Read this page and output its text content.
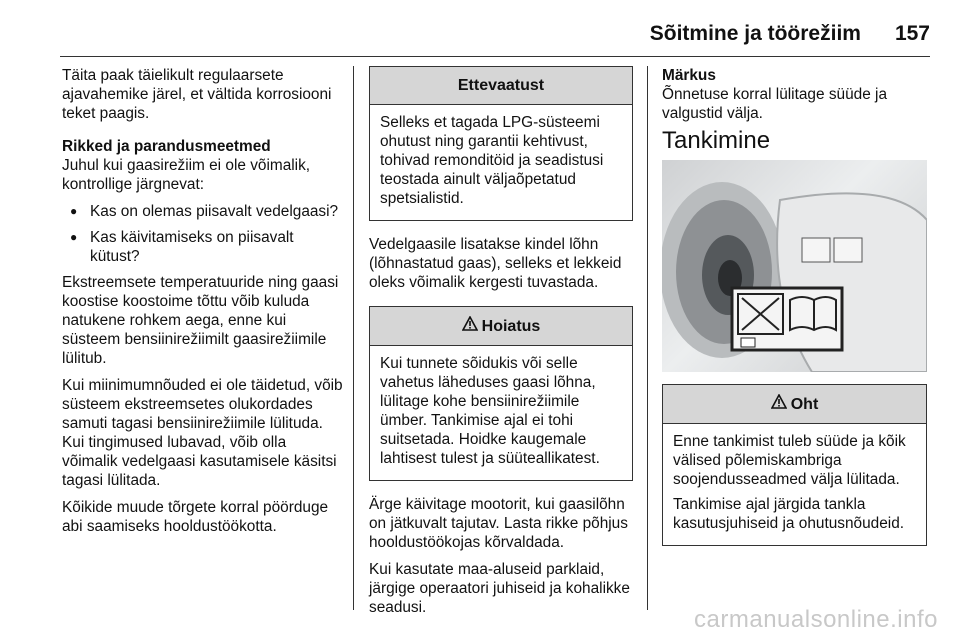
Sõitmine ja töörežiim 157

Täita paak täielikult regulaarsete ajavahemike järel, et vältida korrosiooni teket paagis.

Rikked ja parandusmeetmed

Juhul kui gaasirežiim ei ole võimalik, kontrollige järgnevat:

● Kas on olemas piisavalt vedelgaasi?
● Kas käivitamiseks on piisavalt kütust?

Ekstreemsete temperatuuride ning gaasi koostise koostoime tõttu võib kuluda natukene rohkem aega, enne kui süsteem bensiinirežiimilt gaasirežiimile lülitub.

Kui miinimumnõuded ei ole täidetud, võib süsteem ekstreemsetes olukordades samuti tagasi bensiinirežiimile lülituda. Kui tingimused lubavad, võib olla võimalik vedelgaasi kasutamisele käsitsi tagasi lülitada.

Kõikide muude tõrgete korral pöörduge abi saamiseks hooldustöökotta.

Ettevaatust

Selleks et tagada LPG-süsteemi ohutust ning garantii kehtivust, tohivad remonditöid ja seadistusi teostada ainult väljaõpetatud spetsialistid.

Vedelgaasile lisatakse kindel lõhn (lõhnastatud gaas), selleks et lekkeid oleks võimalik kergesti tuvastada.

Hoiatus

Kui tunnete sõidukis või selle vahetus läheduses gaasi lõhna, lülitage kohe bensiinirežiimile ümber. Tankimise ajal ei tohi suitsetada. Hoidke kaugemale lahtisest tulest ja süüteallikatest.

Ärge käivitage mootorit, kui gaasilõhn on jätkuvalt tajutav. Lasta rikke põhjus hooldustöökojas kõrvaldada.

Kui kasutate maa-aluseid parklaid, järgige operaatori juhiseid ja kohalikke seadusi.

Märkus

Õnnetuse korral lülitage süüde ja valgustid välja.

Tankimine
Oht

Enne tankimist tuleb süüde ja kõik välised põlemiskambriga soojendusseadmed välja lülitada.

Tankimise ajal järgida tankla kasutusjuhiseid ja ohutusnõudeid.

carmanualsonline.info
